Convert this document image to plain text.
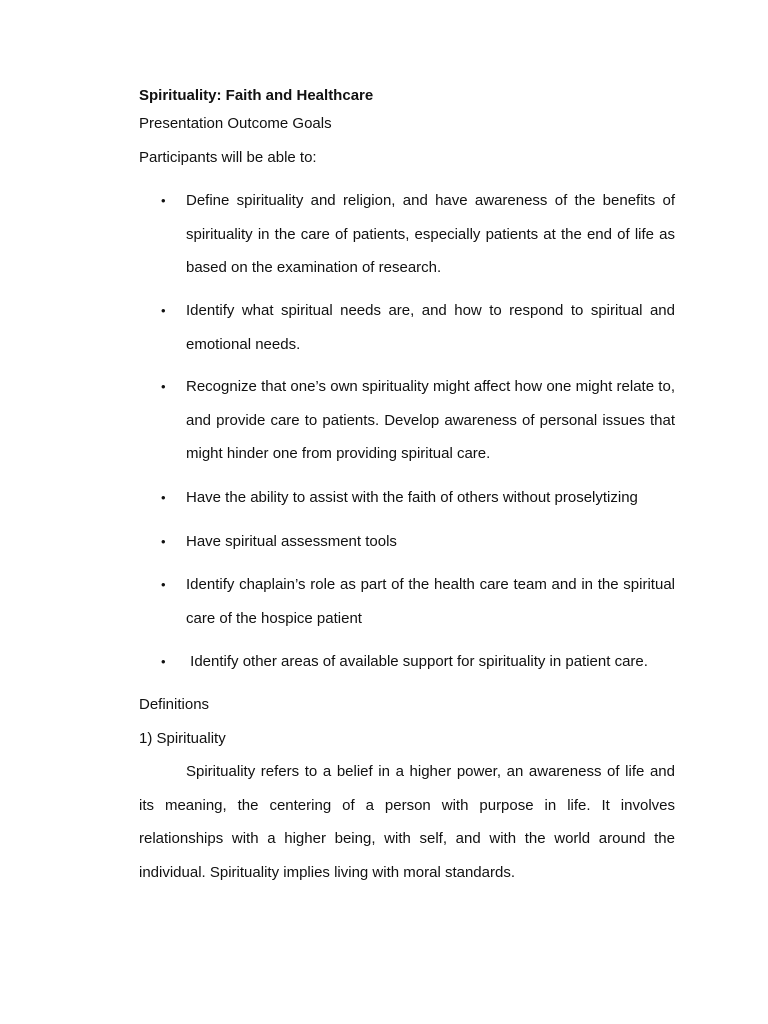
Spirituality: Faith and Healthcare
Presentation Outcome Goals
Participants will be able to:
• Define spirituality and religion, and have awareness of the benefits of spirituality in the care of patients, especially patients at the end of life as based on the examination of research.
• Identify what spiritual needs are, and how to respond to spiritual and emotional needs.
• Recognize that one’s own spirituality might affect how one might relate to, and provide care to patients. Develop awareness of personal issues that might hinder one from providing spiritual care.
• Have the ability to assist with the faith of others without proselytizing
• Have spiritual assessment tools
• Identify chaplain’s role as part of the health care team and in the spiritual care of the hospice patient
• Identify other areas of available support for spirituality in patient care.
Definitions
1) Spirituality
Spirituality refers to a belief in a higher power, an awareness of life and its meaning, the centering of a person with purpose in life. It involves relationships with a higher being, with self, and with the world around the individual. Spirituality implies living with moral standards.
